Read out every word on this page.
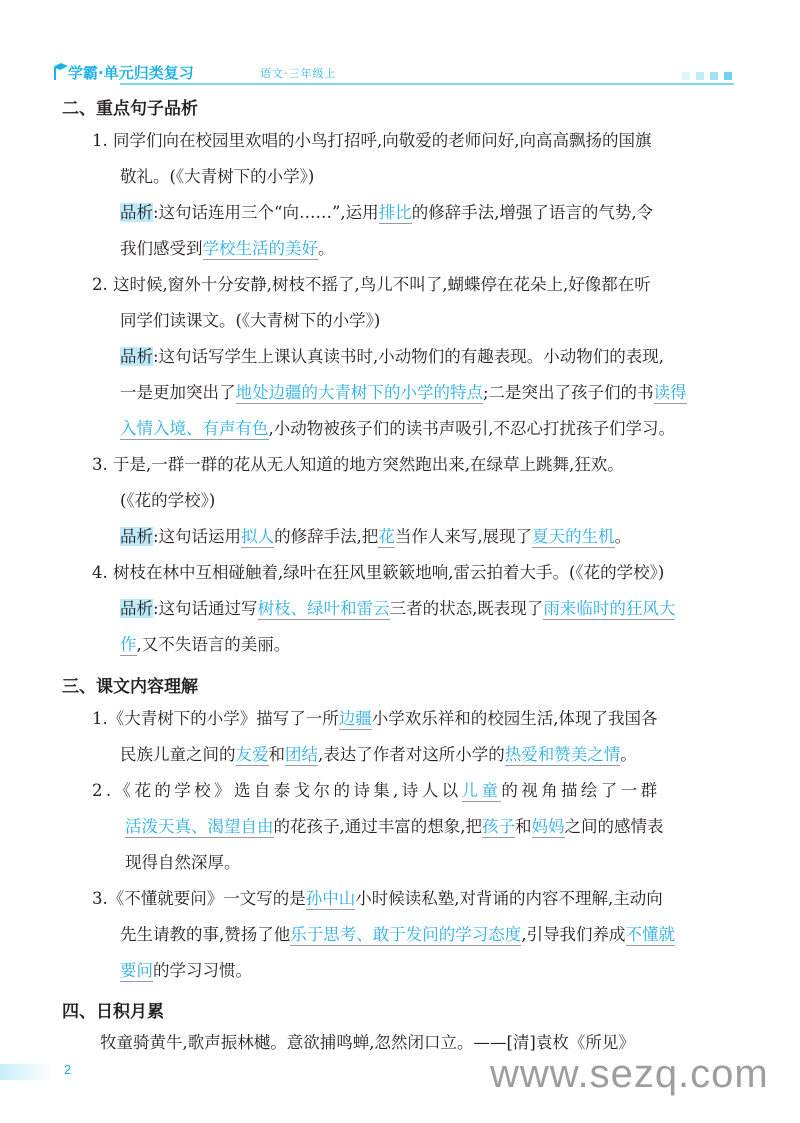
学霸·单元归类复习	语文·三年级上
二、重点句子品析
1. 同学们向在校园里欢唱的小鸟打招呼,向敬爱的老师问好,向高高飘扬的国旗
敬礼。(《大青树下的小学》)
品析:这句话连用三个“向……”,运用排比的修辞手法,增强了语言的气势,令
我们感受到学校生活的美好。
2. 这时候,窗外十分安静,树枝不摇了,鸟儿不叫了,蝴蝶停在花朵上,好像都在听
同学们读课文。(《大青树下的小学》)
品析:这句话写学生上课认真读书时,小动物们的有趣表现。小动物们的表现,
一是更加突出了地处边疆的大青树下的小学的特点;二是突出了孩子们的书读得
入情入境、有声有色,小动物被孩子们的读书声吸引,不忍心打扰孩子们学习。
3. 于是,一群一群的花从无人知道的地方突然跑出来,在绿草上跳舞,狂欢。
(《花的学校》)
品析:这句话运用拟人的修辞手法,把花当作人来写,展现了夏天的生机。
4. 树枝在林中互相碰触着,绿叶在狂风里簌簌地响,雷云拍着大手。(《花的学校》)
品析:这句话通过写树枝、绿叶和雷云三者的状态,既表现了雨来临时的狂风大
作,又不失语言的美丽。
三、课文内容理解
1.《大青树下的小学》描写了一所边疆小学欢乐祥和的校园生活,体现了我国各
民族儿童之间的友爱和团结,表达了作者对这所小学的热爱和赞美之情。
2.《花的学校》选自泰戈尔的诗集,诗人以儿童的视角描绘了一群
活泼天真、渴望自由的花孩子,通过丰富的想象,把孩子和妈妈之间的感情表
现得自然深厚。
3.《不懂就要问》一文写的是孙中山小时候读私塾,对背诵的内容不理解,主动向
先生请教的事,赞扬了他乐于思考、敢于发问的学习态度,引导我们养成不懂就
要问的学习习惯。
四、日积月累
牧童骑黄牛,歌声振林樾。意欲捕鸣蝉,忽然闭口立。——[清]袁枚《所见》
2	www.sezq.com
